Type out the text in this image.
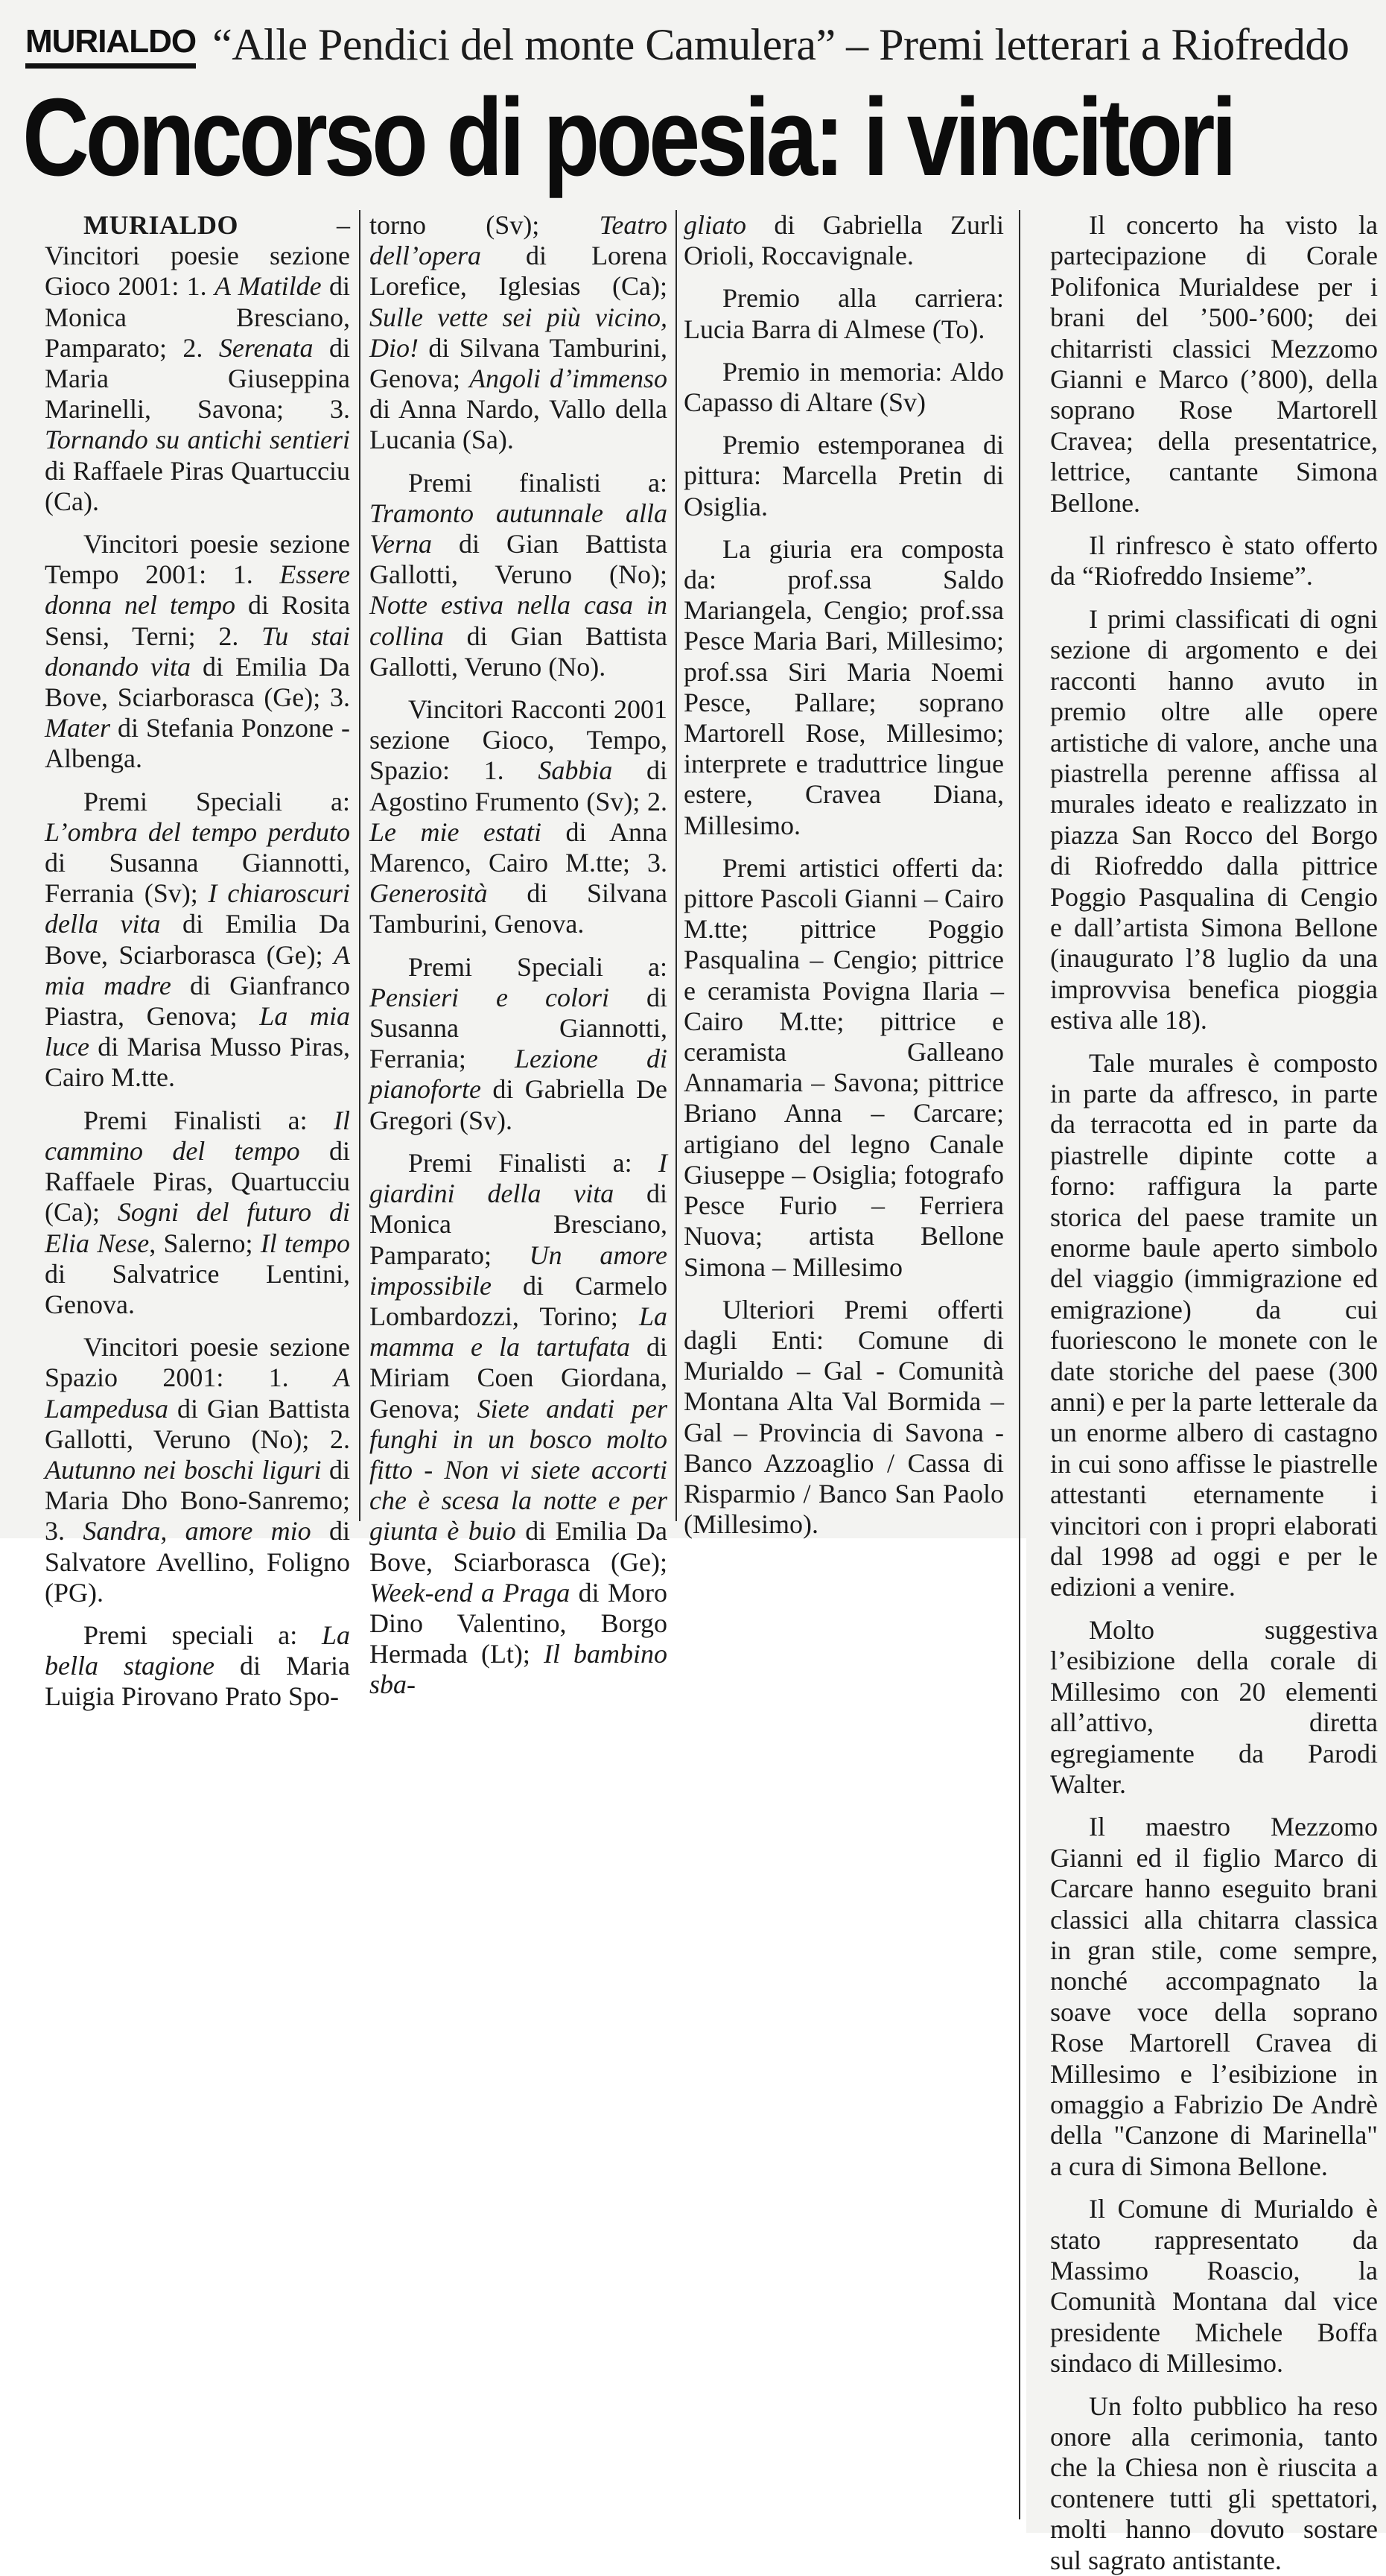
MURIALDO “Alle Pendici del monte Camulera” – Premi letterari a Riofreddo
Concorso di poesia: i vincitori

MURIALDO – Vincitori poesie sezione Gioco 2001: 1. A Matilde di Monica Bresciano, Pamparato; 2. Serenata di Maria Giuseppina Marinelli, Savona; 3. Tornando su antichi sentieri di Raffaele Piras Quartucciu (Ca).

Vincitori poesie sezione Tempo 2001: 1. Essere donna nel tempo di Rosita Sensi, Terni; 2. Tu stai donando vita di Emilia Da Bove, Sciarborasca (Ge); 3. Mater di Stefania Ponzone - Albenga.

Premi Speciali a: L’ombra del tempo perduto di Susanna Giannotti, Ferrania (Sv); I chiaroscuri della vita di Emilia Da Bove, Sciarborasca (Ge); A mia madre di Gianfranco Piastra, Genova; La mia luce di Marisa Musso Piras, Cairo M.tte.

Premi Finalisti a: Il cammino del tempo di Raffaele Piras, Quartucciu (Ca); Sogni del futuro di Elia Nese, Salerno; Il tempo di Salvatrice Lentini, Genova.

Vincitori poesie sezione Spazio 2001: 1. A Lampedusa di Gian Battista Gallotti, Veruno (No); 2. Autunno nei boschi liguri di Maria Dho Bono-Sanremo; 3. Sandra, amore mio di Salvatore Avellino, Foligno (PG).

Premi speciali a: La bella stagione di Maria Luigia Pirovano Prato Spo-

torno (Sv); Teatro dell’opera di Lorena Lorefice, Iglesias (Ca); Sulle vette sei più vicino, Dio! di Silvana Tamburini, Genova; Angoli d’immenso di Anna Nardo, Vallo della Lucania (Sa).

Premi finalisti a: Tramonto autunnale alla Verna di Gian Battista Gallotti, Veruno (No); Notte estiva nella casa in collina di Gian Battista Gallotti, Veruno (No).

Vincitori Racconti 2001 sezione Gioco, Tempo, Spazio: 1. Sabbia di Agostino Frumento (Sv); 2. Le mie estati di Anna Marenco, Cairo M.tte; 3. Generosità di Silvana Tamburini, Genova.

Premi Speciali a: Pensieri e colori di Susanna Giannotti, Ferrania; Lezione di pianoforte di Gabriella De Gregori (Sv).

Premi Finalisti a: I giardini della vita di Monica Bresciano, Pamparato; Un amore impossibile di Carmelo Lombardozzi, Torino; La mamma e la tartufata di Miriam Coen Giordana, Genova; Siete andati per funghi in un bosco molto fitto - Non vi siete accorti che è scesa la notte e per giunta è buio di Emilia Da Bove, Sciarborasca (Ge); Week-end a Praga di Moro Dino Valentino, Borgo Hermada (Lt); Il bambino sba-

gliato di Gabriella Zurli Orioli, Roccavignale.

Premio alla carriera: Lucia Barra di Almese (To).

Premio in memoria: Aldo Capasso di Altare (Sv)

Premio estemporanea di pittura: Marcella Pretin di Osiglia.

La giuria era composta da: prof.ssa Saldo Mariangela, Cengio; prof.ssa Pesce Maria Bari, Millesimo; prof.ssa Siri Maria Noemi Pesce, Pallare; soprano Martorell Rose, Millesimo; interprete e traduttrice lingue estere, Cravea Diana, Millesimo.

Premi artistici offerti da: pittore Pascoli Gianni – Cairo M.tte; pittrice Poggio Pasqualina – Cengio; pittrice e ceramista Povigna Ilaria – Cairo M.tte; pittrice e ceramista Galleano Annamaria – Savona; pittrice Briano Anna – Carcare; artigiano del legno Canale Giuseppe – Osiglia; fotografo Pesce Furio – Ferriera Nuova; artista Bellone Simona – Millesimo

Ulteriori Premi offerti dagli Enti: Comune di Murialdo – Gal - Comunità Montana Alta Val Bormida – Gal – Provincia di Savona - Banco Azzoaglio / Cassa di Risparmio / Banco San Paolo (Millesimo).

Il concerto ha visto la partecipazione di Corale Polifonica Murialdese per i brani del ’500-’600; dei chitarristi classici Mezzomo Gianni e Marco (’800), della soprano Rose Martorell Cravea; della presentatrice, lettrice, cantante Simona Bellone.

Il rinfresco è stato offerto da “Riofreddo Insieme”.

I primi classificati di ogni sezione di argomento e dei racconti hanno avuto in premio oltre alle opere artistiche di valore, anche una piastrella perenne affissa al murales ideato e realizzato in piazza San Rocco del Borgo di Riofreddo dalla pittrice Poggio Pasqualina di Cengio e dall’artista Simona Bellone (inaugurato l’8 luglio da una improvvisa benefica pioggia estiva alle 18).

Tale murales è composto in parte da affresco, in parte da terracotta ed in parte da piastrelle dipinte cotte a forno: raffigura la parte storica del paese tramite un enorme baule aperto simbolo del viaggio (immigrazione ed emigrazione) da cui fuoriescono le monete con le date storiche del paese (300 anni) e per la parte letterale da un enorme albero di castagno in cui sono affisse le piastrelle attestanti eternamente i vincitori con i propri elaborati dal 1998 ad oggi e per le edizioni a venire.

Molto suggestiva l’esibizione della corale di Millesimo con 20 elementi all’attivo, diretta egregiamente da Parodi Walter.

Il maestro Mezzomo Gianni ed il figlio Marco di Carcare hanno eseguito brani classici alla chitarra classica in gran stile, come sempre, nonché accompagnato la soave voce della soprano Rose Martorell Cravea di Millesimo e l’esibizione in omaggio a Fabrizio De Andrè della "Canzone di Marinella" a cura di Simona Bellone.

Il Comune di Murialdo è stato rappresentato da Massimo Roascio, la Comunità Montana dal vice presidente Michele Boffa sindaco di Millesimo.

Un folto pubblico ha reso onore alla cerimonia, tanto che la Chiesa non è riuscita a contenere tutti gli spettatori, molti hanno dovuto sostare sul sagrato antistante.
